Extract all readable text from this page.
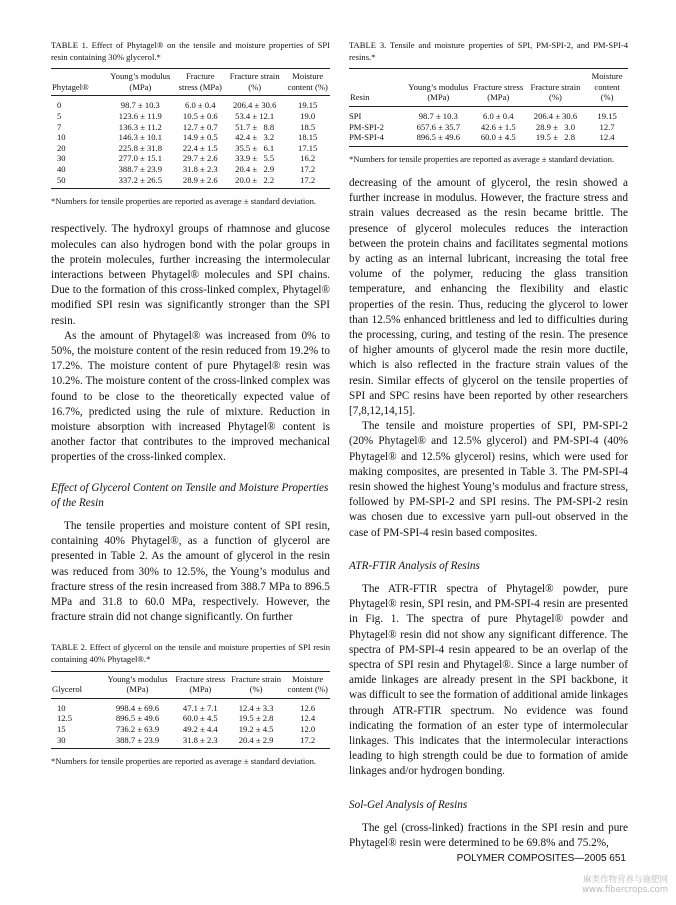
TABLE 1. Effect of Phytagel® on the tensile and moisture properties of SPI resin containing 30% glycerol.*
Phytagel®	Young’s modulus (MPa)	Fracture stress (MPa)	Fracture strain (%)	Moisture content (%)
0	98.7 ± 10.3	6.0 ± 0.4	206.4 ± 30.6	19.15
5	123.6 ± 11.9	10.5 ± 0.6	53.4 ± 12.1	19.0
7	136.3 ± 11.2	12.7 ± 0.7	51.7 ±   8.8	18.5
10	146.3 ± 10.1	14.9 ± 0.5	42.4 ±   3.2	18.15
20	225.8 ± 31.8	22.4 ± 1.5	35.5 ±   6.1	17.15
30	277.0 ± 15.1	29.7 ± 2.6	33.9 ±   5.5	16.2
40	388.7 ± 23.9	31.8 ± 2.3	20.4 ±   2.9	17.2
50	337.2 ± 26.5	28.9 ± 2.6	20.0 ±   2.2	17.2
*Numbers for tensile properties are reported as average ± standard deviation.

respectively. The hydroxyl groups of rhamnose and glucose molecules can also hydrogen bond with the polar groups in the protein molecules, further increasing the intermolecular interactions between Phytagel® molecules and SPI chains. Due to the formation of this cross-linked complex, Phytagel® modified SPI resin was significantly stronger than the SPI resin.

As the amount of Phytagel® was increased from 0% to 50%, the moisture content of the resin reduced from 19.2% to 17.2%. The moisture content of pure Phytagel® resin was 10.2%. The moisture content of the cross-linked complex was found to be close to the theoretically expected value of 16.7%, predicted using the rule of mixture. Reduction in moisture absorption with increased Phytagel® content is another factor that contributes to the improved mechanical properties of the cross-linked complex.

Effect of Glycerol Content on Tensile and Moisture Properties of the Resin

The tensile properties and moisture content of SPI resin, containing 40% Phytagel®, as a function of glycerol are presented in Table 2. As the amount of glycerol in the resin was reduced from 30% to 12.5%, the Young’s modulus and fracture stress of the resin increased from 388.7 MPa to 896.5 MPa and 31.8 to 60.0 MPa, respectively. However, the fracture strain did not change significantly. On further

TABLE 2. Effect of glycerol on the tensile and moisture properties of SPI resin containing 40% Phytagel®.*
Glycerol	Young’s modulus (MPa)	Fracture stress (MPa)	Fracture strain (%)	Moisture content (%)
10	998.4 ± 69.6	47.1 ± 7.1	12.4 ± 3.3	12.6
12.5	896.5 ± 49.6	60.0 ± 4.5	19.5 ± 2.8	12.4
15	736.2 ± 63.9	49.2 ± 4.4	19.2 ± 4.5	12.0
30	388.7 ± 23.9	31.8 ± 2.3	20.4 ± 2.9	17.2
*Numbers for tensile properties are reported as average ± standard deviation.
TABLE 3. Tensile and moisture properties of SPI, PM-SPI-2, and PM-SPI-4 resins.*
Resin	Young’s modulus (MPa)	Fracture stress (MPa)	Fracture strain (%)	Moisture content (%)
SPI	98.7 ± 10.3	6.0 ± 0.4	206.4 ± 30.6	19.15
PM-SPI-2	657.6 ± 35.7	42.6 ± 1.5	28.9 ±   3.0	12.7
PM-SPI-4	896.5 ± 49.6	60.0 ± 4.5	19.5 ±   2.8	12.4
*Numbers for tensile properties are reported as average ± standard deviation.

decreasing of the amount of glycerol, the resin showed a further increase in modulus. However, the fracture stress and strain values decreased as the resin became brittle. The presence of glycerol molecules reduces the interaction between the protein chains and facilitates segmental motions by acting as an internal lubricant, increasing the total free volume of the polymer, reducing the glass transition temperature, and enhancing the flexibility and elastic properties of the resin. Thus, reducing the glycerol to lower than 12.5% enhanced brittleness and led to difficulties during the processing, curing, and testing of the resin. The presence of higher amounts of glycerol made the resin more ductile, which is also reflected in the fracture strain values of the resin. Similar effects of glycerol on the tensile properties of SPI and SPC resins have been reported by other researchers [7,8,12,14,15].

The tensile and moisture properties of SPI, PM-SPI-2 (20% Phytagel® and 12.5% glycerol) and PM-SPI-4 (40% Phytagel® and 12.5% glycerol) resins, which were used for making composites, are presented in Table 3. The PM-SPI-4 resin showed the highest Young’s modulus and fracture stress, followed by PM-SPI-2 and SPI resins. The PM-SPI-2 resin was chosen due to excessive yarn pull-out observed in the case of PM-SPI-4 resin based composites.

ATR-FTIR Analysis of Resins

The ATR-FTIR spectra of Phytagel® powder, pure Phytagel® resin, SPI resin, and PM-SPI-4 resin are presented in Fig. 1. The spectra of pure Phytagel® powder and Phytagel® resin did not show any significant difference. The spectra of PM-SPI-4 resin appeared to be an overlap of the spectra of SPI resin and Phytagel®. Since a large number of amide linkages are already present in the SPI backbone, it was difficult to see the formation of additional amide linkages through ATR-FTIR spectrum. No evidence was found indicating the formation of an ester type of intermolecular linkages. This indicates that the intermolecular interactions leading to high strength could be due to formation of amide linkages and/or hydrogen bonding.

Sol-Gel Analysis of Resins

The gel (cross-linked) fractions in the SPI resin and pure Phytagel® resin were determined to be 69.8% and 75.2%,

POLYMER COMPOSITES—2005 651
麻类作物营养与施肥网
www.fibercrops.com
